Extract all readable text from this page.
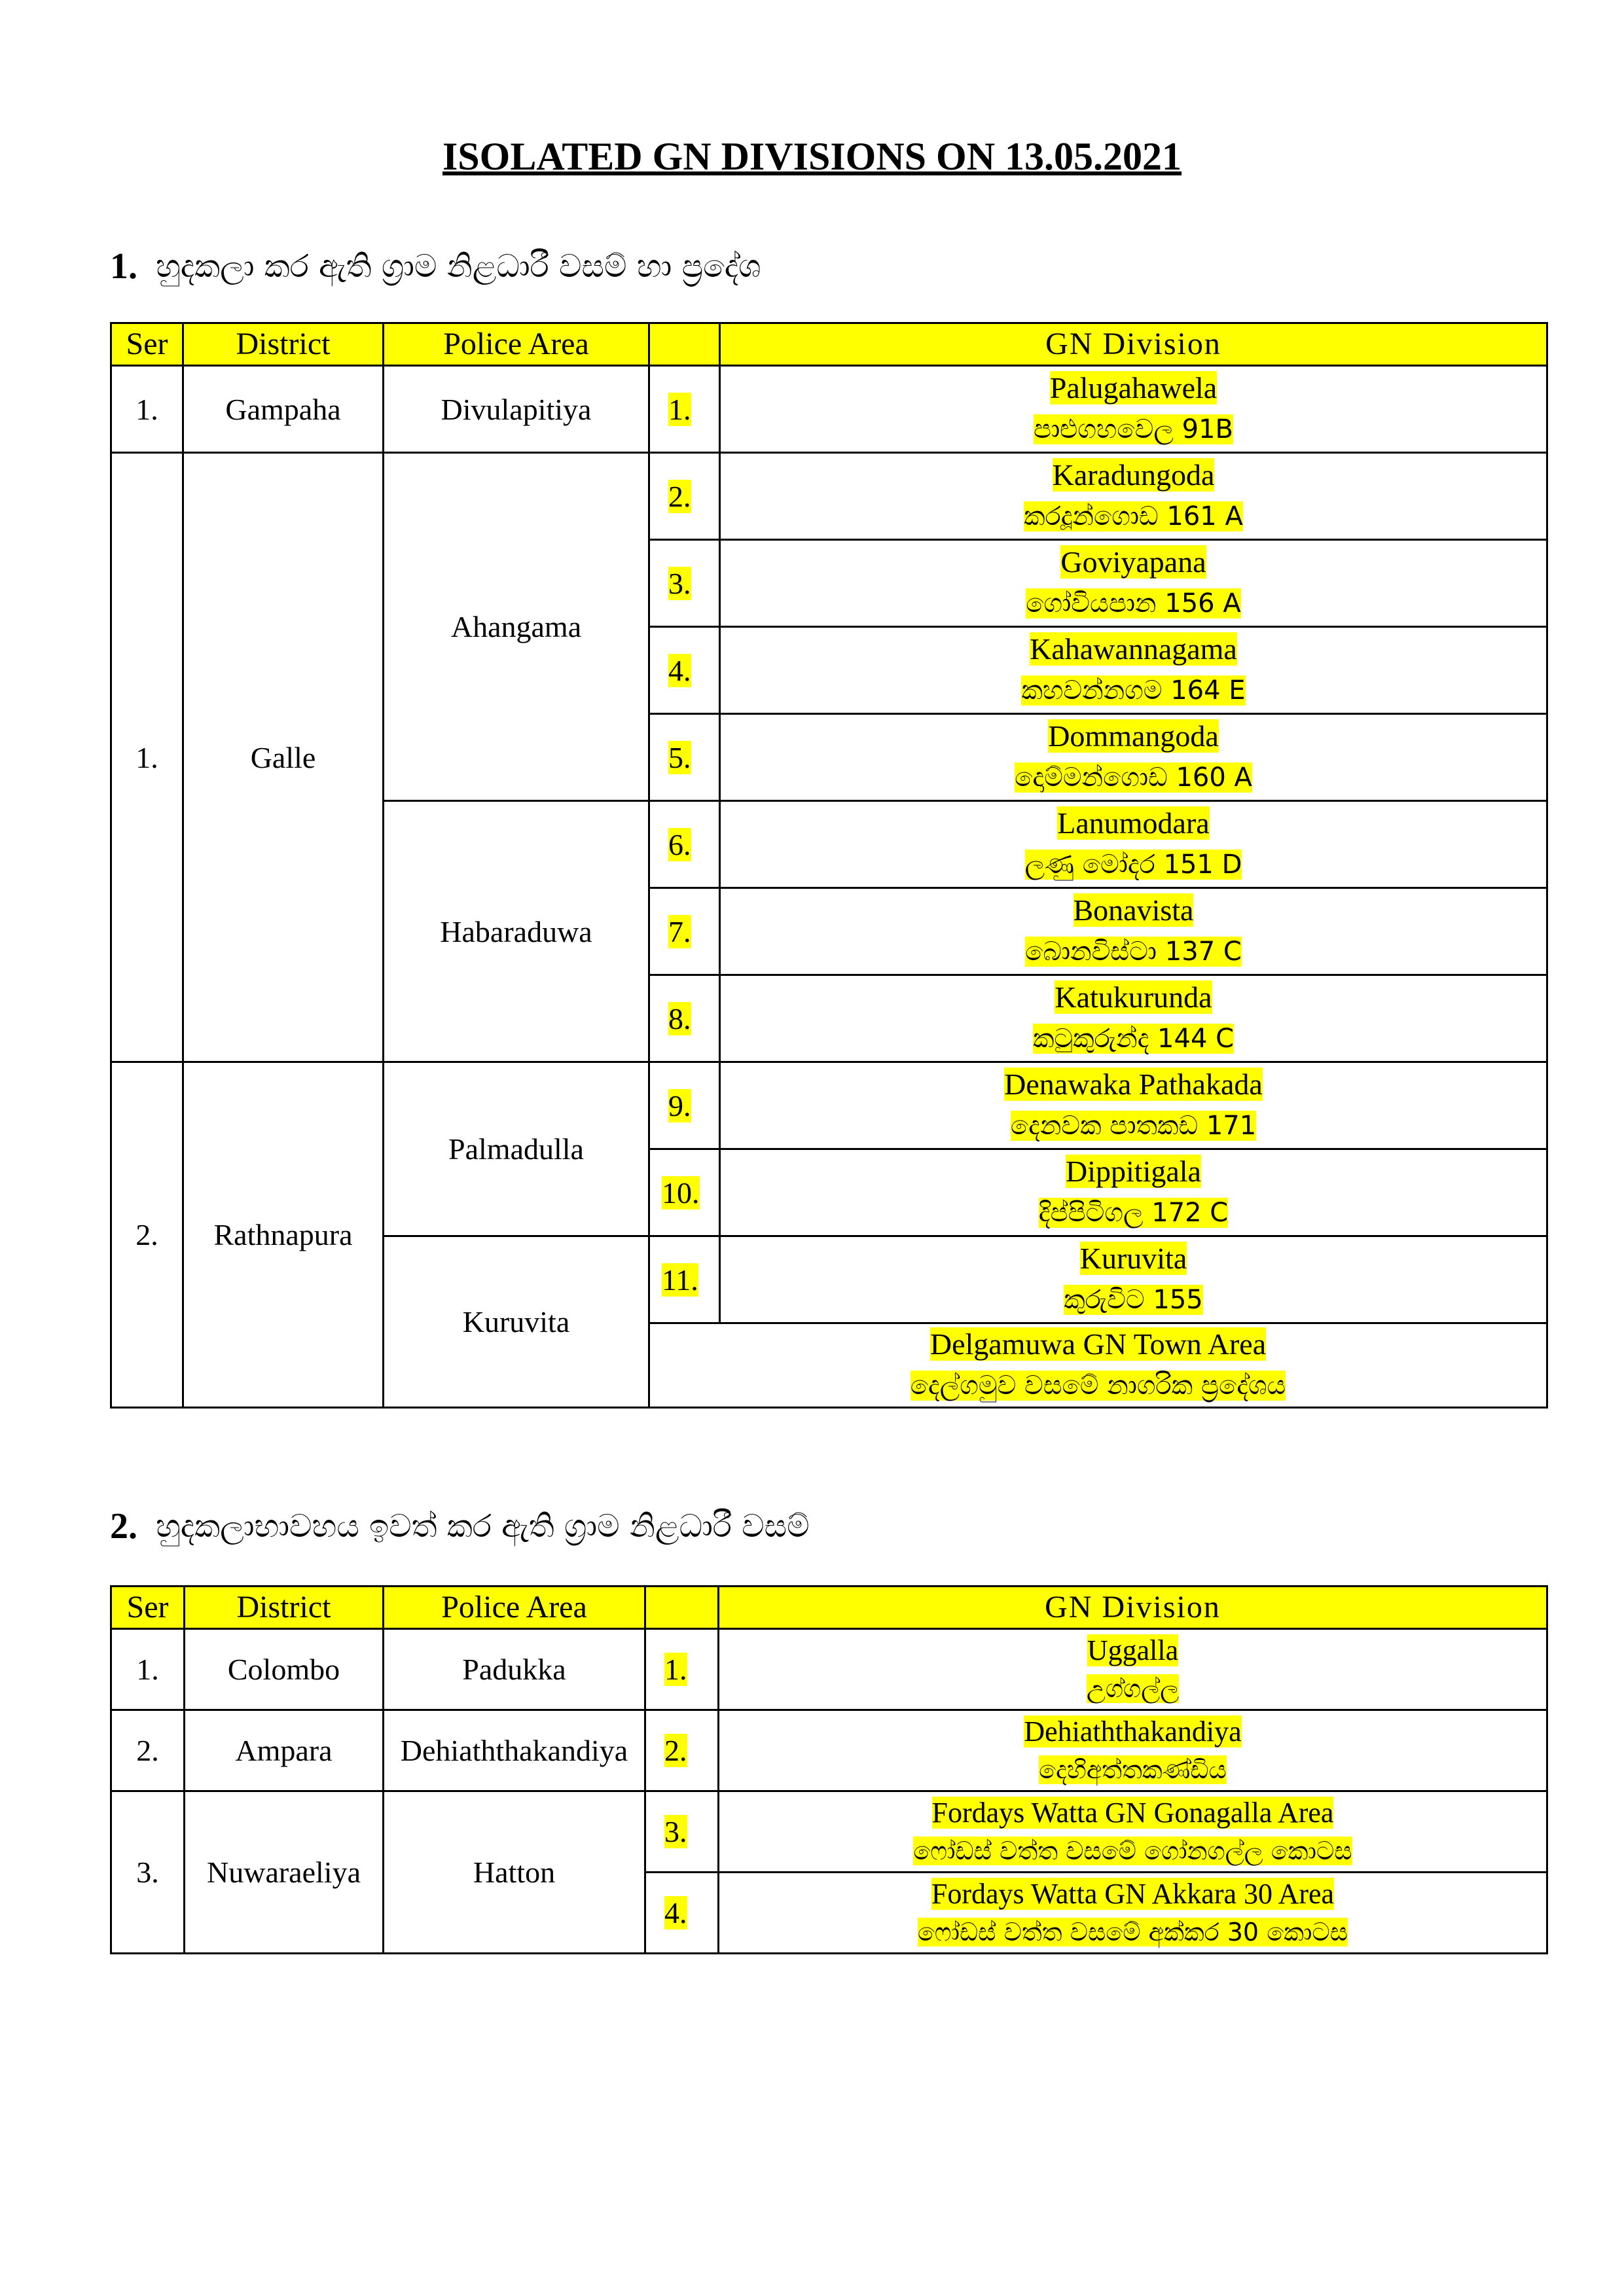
ISOLATED GN DIVISIONS ON 13.05.2021
1. හුදකලා කර ඇති ග්‍රාම නිළධාරී වසම් හා ප්‍රදේශ
Ser	District	Police Area		GN Division
1.	Gampaha	Divulapitiya	1.	Palugahawela
පාළුගහවෙල 91B

1.	Galle	Ahangama	2.	Karadungoda
කරදූන්ගොඩ 161 A

			3.	Goviyapana
ගෝවියපාන 156 A

			4.	Kahawannagama
කහවන්නගම 164 E

			5.	Dommangoda
දොම්මන්ගොඩ 160 A

		Habaraduwa	6.	Lanumodara
ලණු මෝදර 151 D

			7.	Bonavista
බොනවිස්ටා 137 C

			8.	Katukurunda
කටුකුරුන්ද 144 C

2.	Rathnapura	Palmadulla	9.	Denawaka Pathakada
දෙනවක පාතකඩ 171

			10.	Dippitigala
දිප්පිටිගල 172 C

		Kuruvita	11.	Kuruvita
කුරුවිට 155

			Delgamuwa GN Town Area
දෙල්ගමුව වසමේ නාගරික ප්‍රදේශය	
2. හුදකලාභාවහය ඉවත් කර ඇති ග්‍රාම නිළධාරී වසම්
Ser	District	Police Area		GN Division
1.	Colombo	Padukka	1.	Uggalla
උග්ගල්ල

2.	Ampara	Dehiaththakandiya	2.	Dehiaththakandiya
දෙහිඅත්තකණ්ඩිය

3.	Nuwaraeliya	Hatton	3.	Fordays Watta GN Gonagalla Area
ෆෝඩස් වත්ත වසමේ ගෝනගල්ල කොටස

			4.	Fordays Watta GN Akkara 30 Area
ෆෝඩස් වත්ත වසමේ අක්කර 30 කොටස
